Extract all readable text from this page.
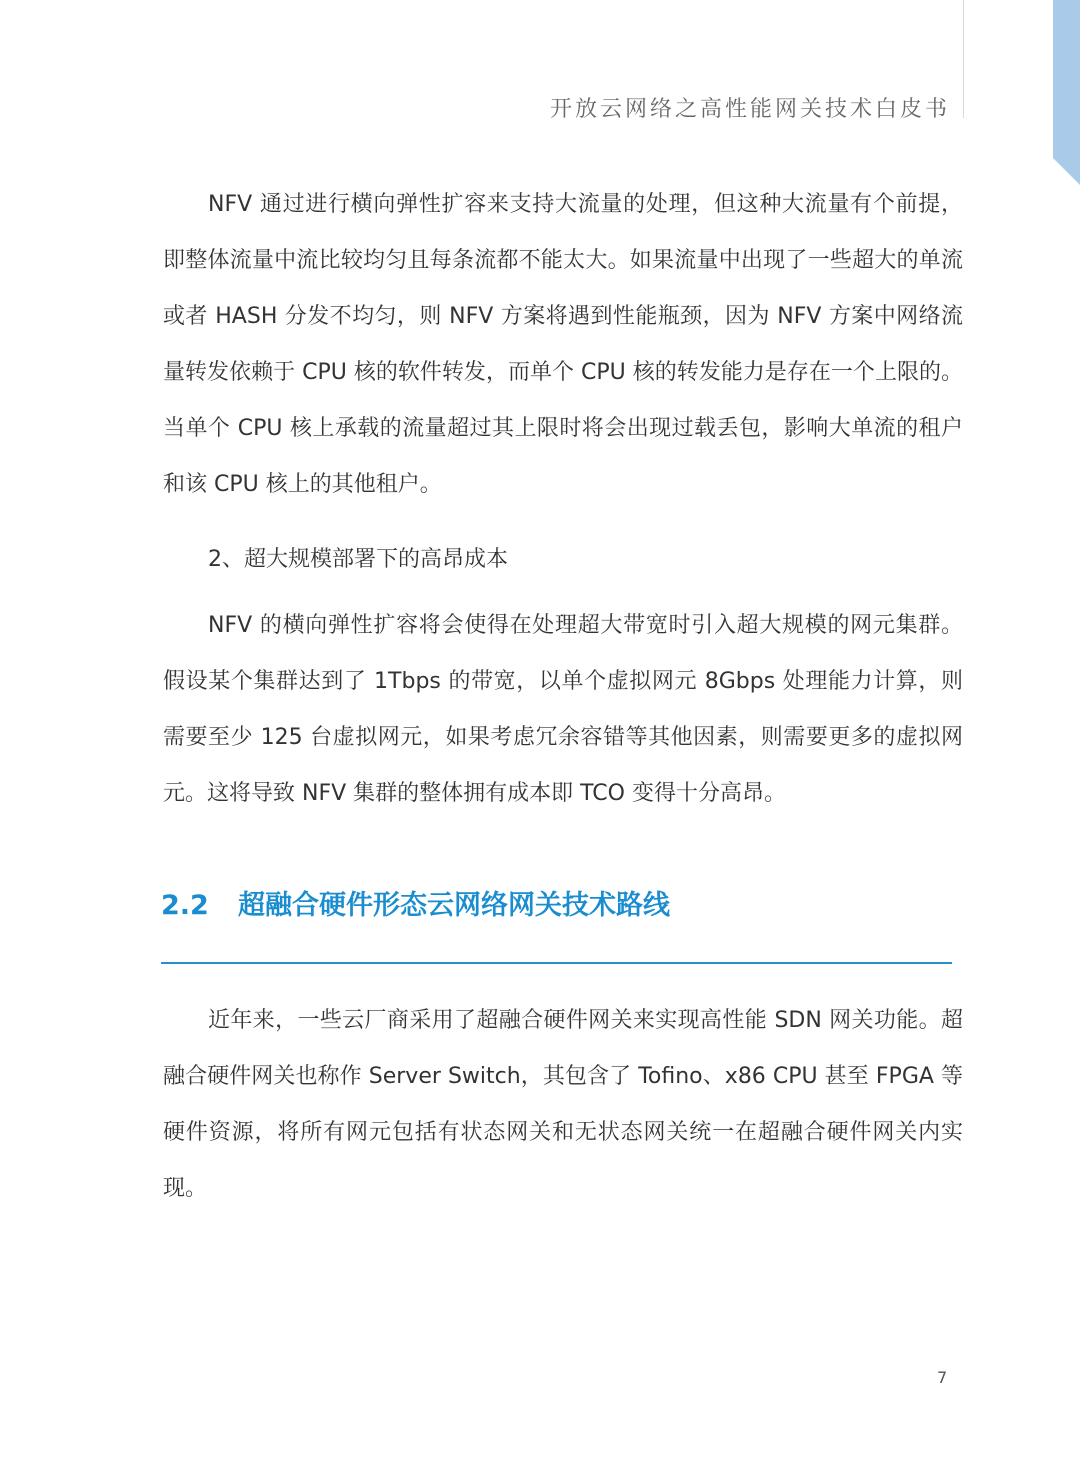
开放云网络之高性能网关技术白皮书

NFV 通过进行横向弹性扩容来支持大流量的处理，但这种大流量有个前提，即整体流量中流比较均匀且每条流都不能太大。如果流量中出现了一些超大的单流或者 HASH 分发不均匀，则 NFV 方案将遇到性能瓶颈，因为 NFV 方案中网络流量转发依赖于 CPU 核的软件转发，而单个 CPU 核的转发能力是存在一个上限的。当单个 CPU 核上承载的流量超过其上限时将会出现过载丢包，影响大单流的租户和该 CPU 核上的其他租户。

2、超大规模部署下的高昂成本

NFV 的横向弹性扩容将会使得在处理超大带宽时引入超大规模的网元集群。假设某个集群达到了 1Tbps 的带宽，以单个虚拟网元 8Gbps 处理能力计算，则需要至少 125 台虚拟网元，如果考虑冗余容错等其他因素，则需要更多的虚拟网元。这将导致 NFV 集群的整体拥有成本即 TCO 变得十分高昂。

2.2 超融合硬件形态云网络网关技术路线

近年来，一些云厂商采用了超融合硬件网关来实现高性能 SDN 网关功能。超融合硬件网关也称作 Server Switch，其包含了 Tofino、x86 CPU 甚至 FPGA 等硬件资源，将所有网元包括有状态网关和无状态网关统一在超融合硬件网关内实现。

7
